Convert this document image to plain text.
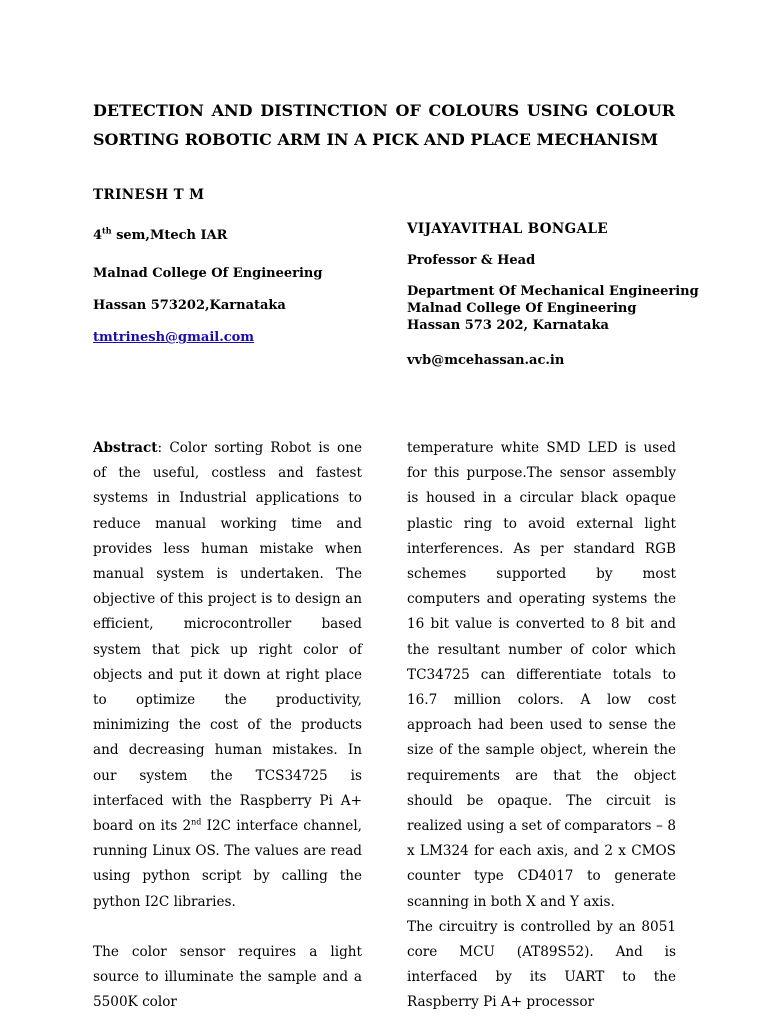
DETECTION AND DISTINCTION OF COLOURS USING COLOUR SORTING ROBOTIC ARM IN A PICK AND PLACE MECHANISM
TRINESH T M
4th sem,Mtech IAR
Malnad College Of Engineering
Hassan 573202,Karnataka
tmtrinesh@gmail.com
VIJAYAVITHAL BONGALE
Professor & Head
Department Of Mechanical Engineering
Malnad College Of Engineering
Hassan 573 202, Karnataka
vvb@mcehassan.ac.in

Abstract: Color sorting Robot is one of the useful, costless and fastest systems in Industrial applications to reduce manual working time and provides less human mistake when manual system is undertaken. The objective of this project is to design an efficient, microcontroller based system that pick up right color of objects and put it down at right place to optimize the productivity, minimizing the cost of the products and decreasing human mistakes. In our system the TCS34725 is interfaced with the Raspberry Pi A+ board on its 2nd I2C interface channel, running Linux OS. The values are read using python script by calling the python I2C libraries.

The color sensor requires a light source to illuminate the sample and a 5500K color

temperature white SMD LED is used for this purpose.The sensor assembly is housed in a circular black opaque plastic ring to avoid external light interferences. As per standard RGB schemes supported by most computers and operating systems the 16 bit value is converted to 8 bit and the resultant number of color which TC34725 can differentiate totals to 16.7 million colors. A low cost approach had been used to sense the size of the sample object, wherein the requirements are that the object should be opaque. The circuit is realized using a set of comparators – 8 x LM324 for each axis, and 2 x CMOS counter type CD4017 to generate scanning in both X and Y axis.

The circuitry is controlled by an 8051 core MCU (AT89S52). And is interfaced by its UART to the Raspberry Pi A+ processor
